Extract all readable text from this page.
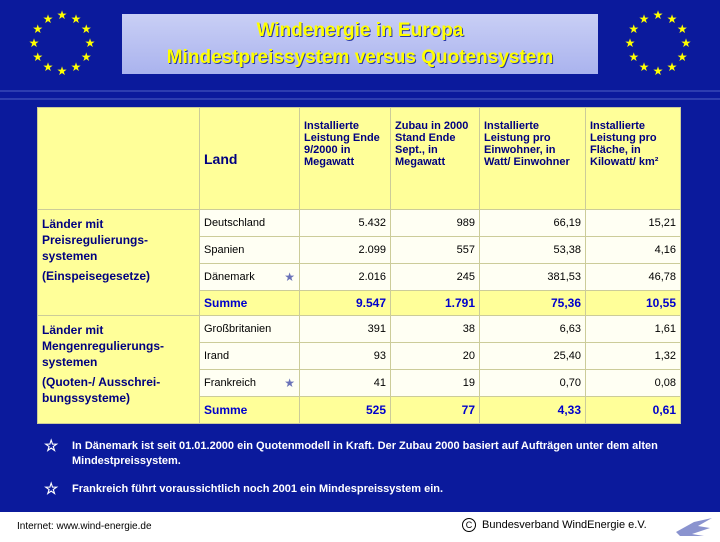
Windenergie in Europa
Mindestpreissystem versus Quotensystem
★ ★
★
★
★
★
★
★
★
★
★
★	★ ★
★
★
★
★
★
★
★
★
★
★
	Land	Installierte Leistung Ende 9/2000 in Megawatt	Zubau in 2000 Stand Ende Sept., in Megawatt	Installierte Leistung pro Einwohner, in Watt/ Einwohner	Installierte Leistung pro Fläche, in Kilowatt/ km²

Länder mit
Preisregulierungs-
systemen
(Einspeisegesetze)	Deutschland	5.432	989	66,19	15,21
	Spanien	2.099	557	53,38	4,16
	Dänemark ★	2.016	245	381,53	46,78
	Summe	9.547	1.791	75,36	10,55

Länder mit
Mengenregulierungs-
systemen
(Quoten-/ Ausschrei-
bungssysteme)	Großbritanien	391	38	6,63	1,61
	Irand	93	20	25,40	1,32
	Frankreich ★	41	19	0,70	0,08
	Summe	525	77	4,33	0,61
☆ In Dänemark ist seit 01.01.2000 ein Quotenmodell in Kraft. Der Zubau 2000 basiert auf Aufträgen unter dem alten Mindestpreissystem.
☆ Frankreich führt voraussichtlich noch 2001 ein Mindespreissystem ein.
Internet: www.wind-energie.de	C Bundesverband WindEnergie e.V.
